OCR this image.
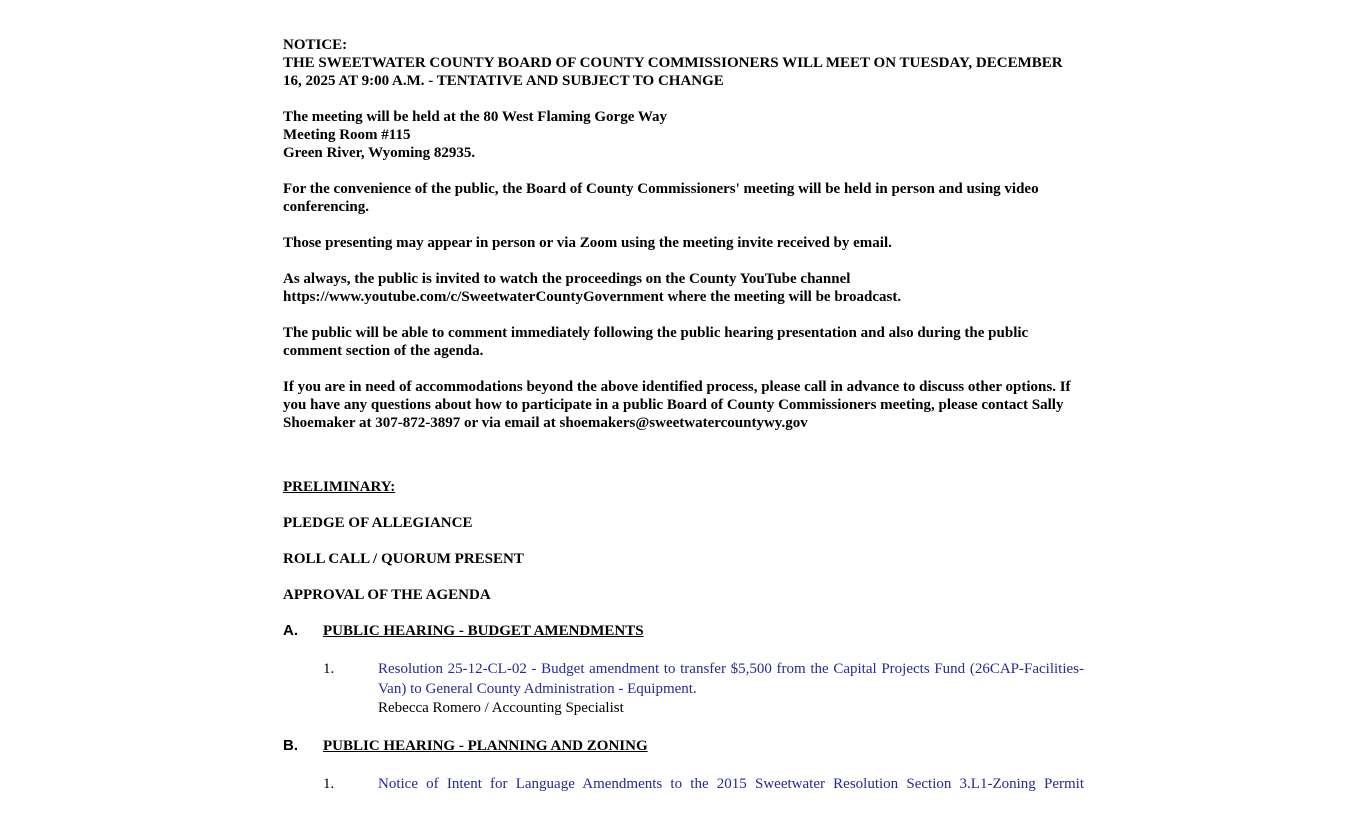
NOTICE:
THE SWEETWATER COUNTY BOARD OF COUNTY COMMISSIONERS WILL MEET ON TUESDAY, DECEMBER 16, 2025 AT 9:00 A.M. - TENTATIVE AND SUBJECT TO CHANGE
The meeting will be held at the 80 West Flaming Gorge Way
Meeting Room #115
Green River, Wyoming 82935.
For the convenience of the public, the Board of County Commissioners' meeting will be held in person and using video conferencing.
Those presenting may appear in person or via Zoom using the meeting invite received by email.
As always, the public is invited to watch the proceedings on the County YouTube channel https://www.youtube.com/c/SweetwaterCountyGovernment where the meeting will be broadcast.
The public will be able to comment immediately following the public hearing presentation and also during the public comment section of the agenda.
If you are in need of accommodations beyond the above identified process, please call in advance to discuss other options. If you have any questions about how to participate in a public Board of County Commissioners meeting, please contact Sally Shoemaker at 307-872-3897 or via email at shoemakers@sweetwatercountywy.gov
PRELIMINARY:
PLEDGE OF ALLEGIANCE
ROLL CALL / QUORUM PRESENT
APPROVAL OF THE AGENDA
A. PUBLIC HEARING - BUDGET AMENDMENTS
1.	Resolution 25-12-CL-02 - Budget amendment to transfer $5,500 from the Capital Projects Fund (26CAP-Facilities-Van) to General County Administration - Equipment.
Rebecca Romero / Accounting Specialist
B. PUBLIC HEARING - PLANNING AND ZONING
1.	Notice of Intent for Language Amendments to the 2015 Sweetwater Resolution Section 3.L1-Zoning Permit
